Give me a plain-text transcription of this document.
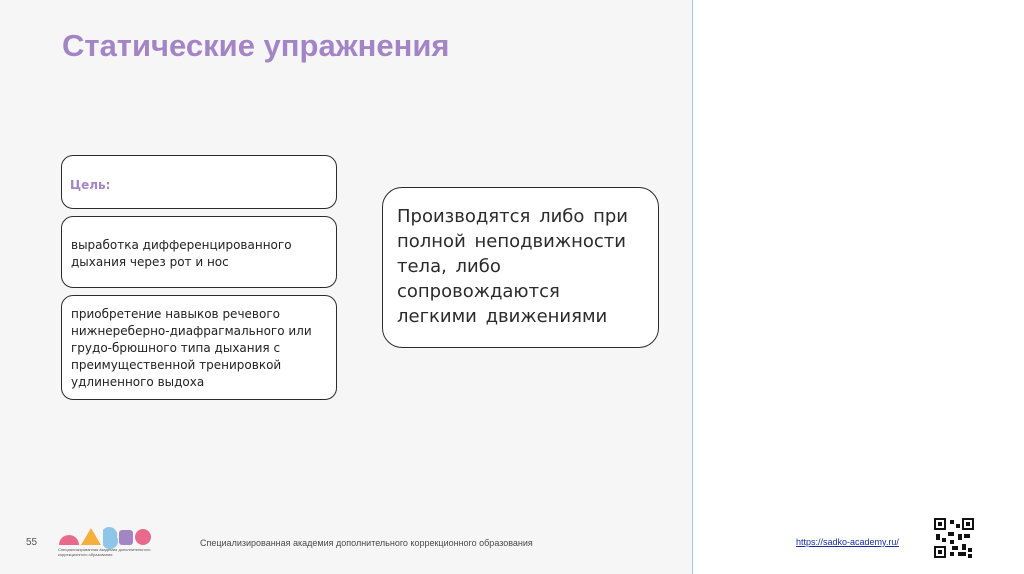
Статические упражнения
Цель:
выработка дифференцированного дыхания через рот и нос
приобретение навыков речевого нижнереберно-диафрагмального или грудо-брюшного типа дыхания с преимущественной тренировкой удлиненного выдоха
Производятся либо при полной неподвижности тела, либо сопровождаются легкими движениями
55
Специализированная академия дополнительного коррекционного образования
Специализированная академия дополнительного коррекционного образования	https://sadko-academy.ru/
